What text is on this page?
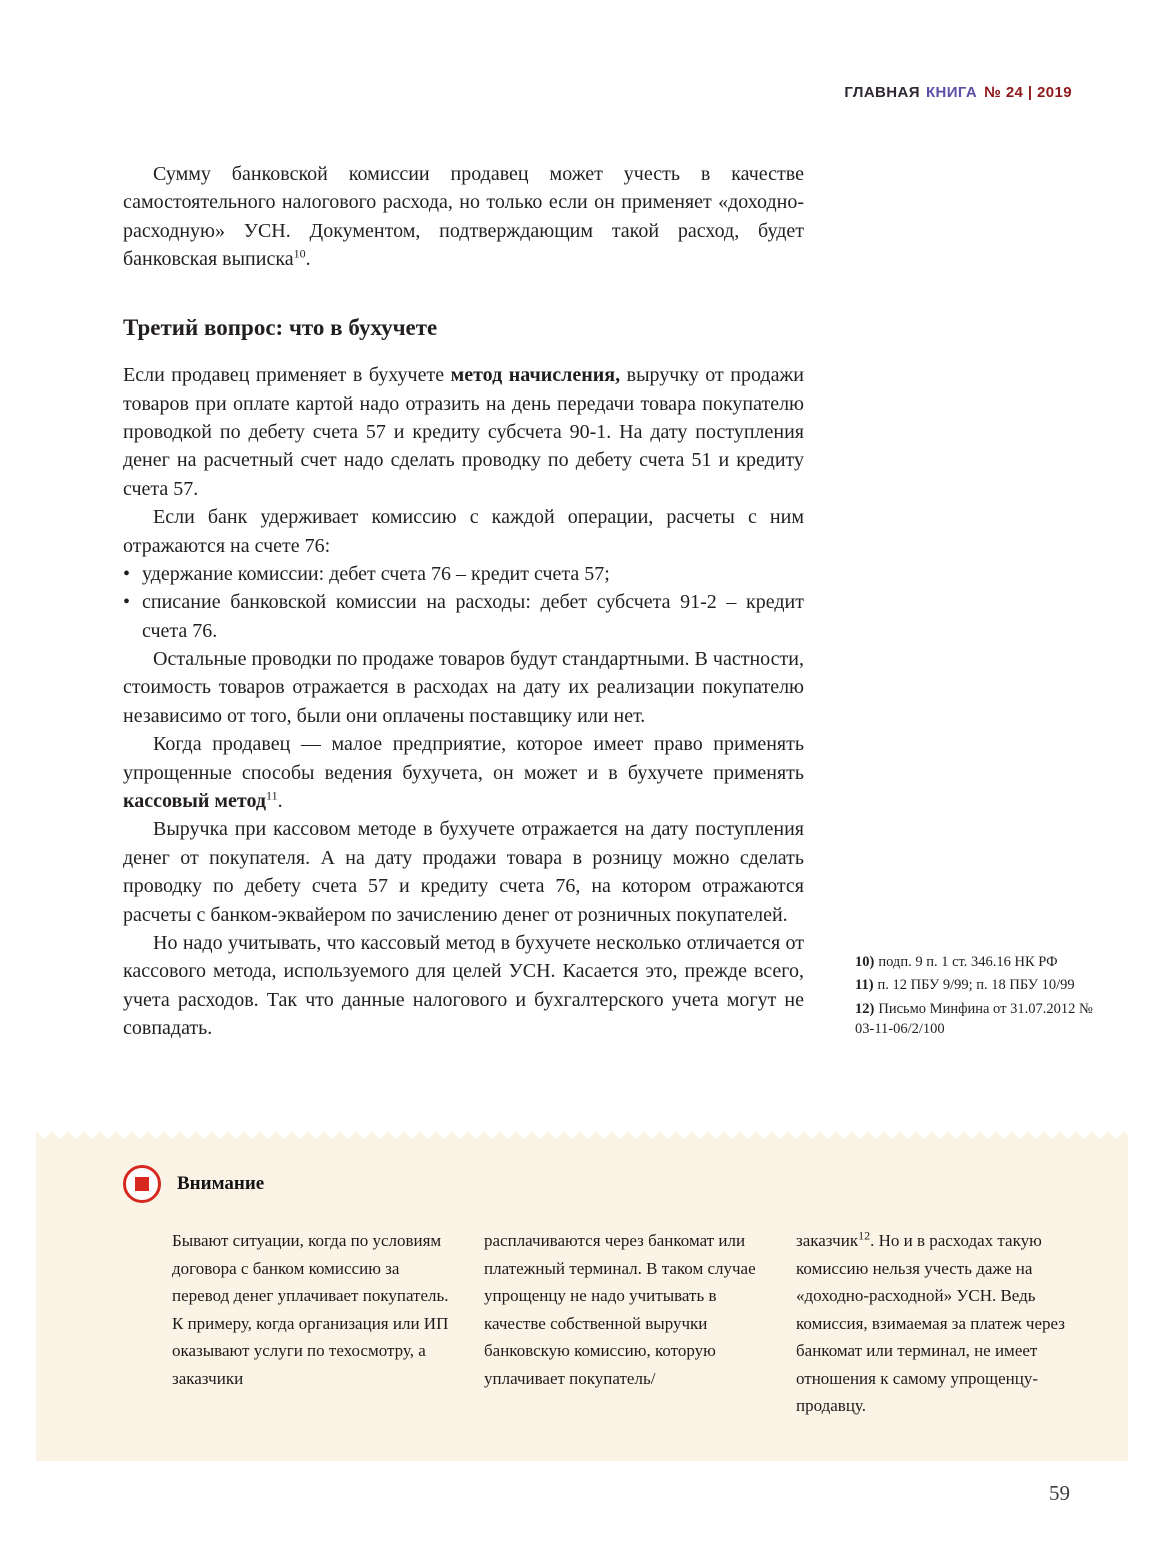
ГЛАВНАЯ КНИГА № 24 | 2019

Сумму банковской комиссии продавец может учесть в качестве самостоятельного налогового расхода, но только если он применяет «доходно-расходную» УСН. Документом, подтверждающим такой расход, будет банковская выписка$^{10}$.

Третий вопрос: что в бухучете

Если продавец применяет в бухучете метод начисления, выручку от продажи товаров при оплате картой надо отразить на день передачи товара покупателю проводкой по дебету счета 57 и кредиту субсчета 90-1. На дату поступления денег на расчетный счет надо сделать проводку по дебету счета 51 и кредиту счета 57.

Если банк удерживает комиссию с каждой операции, расчеты с ним отражаются на счете 76:

• удержание комиссии: дебет счета 76 – кредит счета 57;

• списание банковской комиссии на расходы: дебет субсчета 91-2 – кредит счета 76.

Остальные проводки по продаже товаров будут стандартными. В частности, стоимость товаров отражается в расходах на дату их реализации покупателю независимо от того, были они оплачены поставщику или нет.

Когда продавец — малое предприятие, которое имеет право применять упрощенные способы ведения бухучета, он может и в бухучете применять кассовый метод$^{11}$.

Выручка при кассовом методе в бухучете отражается на дату поступления денег от покупателя. А на дату продажи товара в розницу можно сделать проводку по дебету счета 57 и кредиту счета 76, на котором отражаются расчеты с банком-эквайером по зачислению денег от розничных покупателей.

Но надо учитывать, что кассовый метод в бухучете несколько отличается от кассового метода, используемого для целей УСН. Касается это, прежде всего, учета расходов. Так что данные налогового и бухгалтерского учета могут не совпадать.

10) подп. 9 п. 1 ст. 346.16 НК РФ

11) п. 12 ПБУ 9/99; п. 18 ПБУ 10/99

12) Письмо Минфина от 31.07.2012 № 03-11-06/2/100

Внимание

Бывают ситуации, когда по условиям договора с банком комиссию за перевод денег уплачивает покупатель. К примеру, когда организация или ИП оказывают услуги по техосмотру, а заказчики

расплачиваются через банкомат или платежный терминал. В таком случае упрощенцу не надо учитывать в качестве собственной выручки банковскую комиссию, которую уплачивает покупатель/

заказчик$^{12}$. Но и в расходах такую комиссию нельзя учесть даже на «доходно-расходной» УСН. Ведь комиссия, взимаемая за платеж через банкомат или терминал, не имеет отношения к самому упрощенцу-продавцу.

59
